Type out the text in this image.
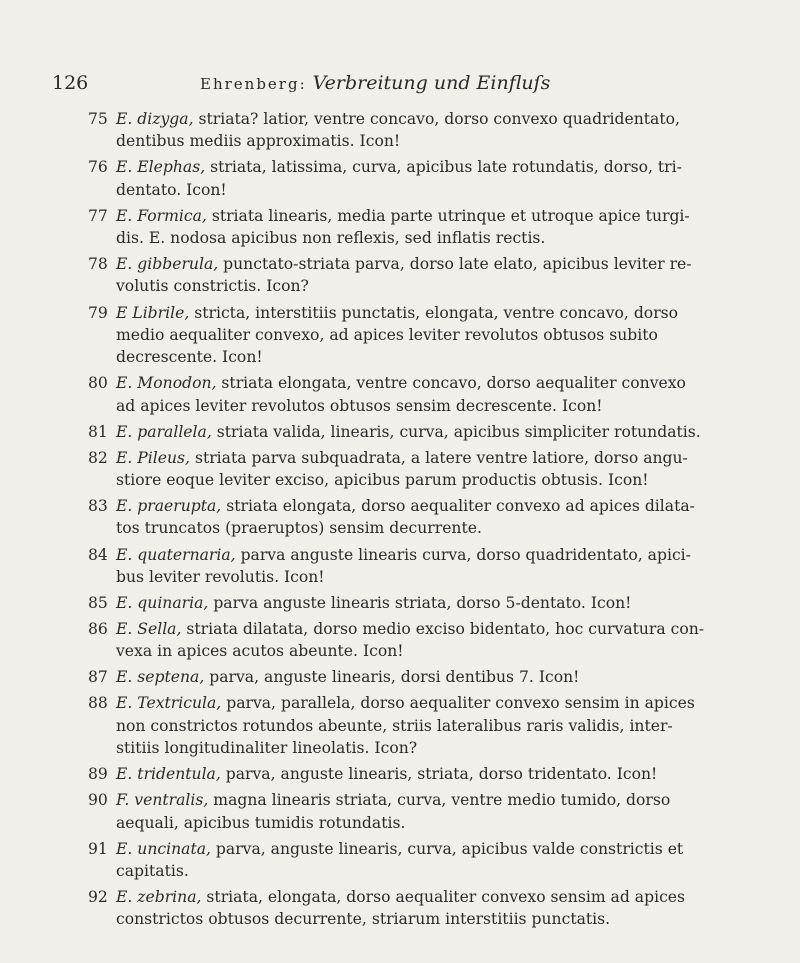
126	Ehrenberg: Verbreitung und Einfluſs
75 E. dizyga, striata? latior, ventre concavo, dorso convexo quadridentato,
dentibus mediis approximatis. Icon!
76 E. Elephas, striata, latissima, curva, apicibus late rotundatis, dorso, tri-
dentato. Icon!
77 E. Formica, striata linearis, media parte utrinque et utroque apice turgi-
dis. E. nodosa apicibus non reflexis, sed inflatis rectis.
78 E. gibberula, punctato-striata parva, dorso late elato, apicibus leviter re-
volutis constrictis. Icon?
79 E Librile, stricta, interstitiis punctatis, elongata, ventre concavo, dorso
medio aequaliter convexo, ad apices leviter revolutos obtusos subito
decrescente. Icon!
80 E. Monodon, striata elongata, ventre concavo, dorso aequaliter convexo
ad apices leviter revolutos obtusos sensim decrescente. Icon!
81 E. parallela, striata valida, linearis, curva, apicibus simpliciter rotundatis.
82 E. Pileus, striata parva subquadrata, a latere ventre latiore, dorso angu-
stiore eoque leviter exciso, apicibus parum productis obtusis. Icon!
83 E. praerupta, striata elongata, dorso aequaliter convexo ad apices dilata-
tos truncatos (praeruptos) sensim decurrente.
84 E. quaternaria, parva anguste linearis curva, dorso quadridentato, apici-
bus leviter revolutis. Icon!
85 E. quinaria, parva anguste linearis striata, dorso 5-dentato. Icon!
86 E. Sella, striata dilatata, dorso medio exciso bidentato, hoc curvatura con-
vexa in apices acutos abeunte. Icon!
87 E. septena, parva, anguste linearis, dorsi dentibus 7. Icon!
88 E. Textricula, parva, parallela, dorso aequaliter convexo sensim in apices
non constrictos rotundos abeunte, striis lateralibus raris validis, inter-
stitiis longitudinaliter lineolatis. Icon?
89 E. tridentula, parva, anguste linearis, striata, dorso tridentato. Icon!
90 F. ventralis, magna linearis striata, curva, ventre medio tumido, dorso
aequali, apicibus tumidis rotundatis.
91 E. uncinata, parva, anguste linearis, curva, apicibus valde constrictis et
capitatis.
92 E. zebrina, striata, elongata, dorso aequaliter convexo sensim ad apices
constrictos obtusos decurrente, striarum interstitiis punctatis.
